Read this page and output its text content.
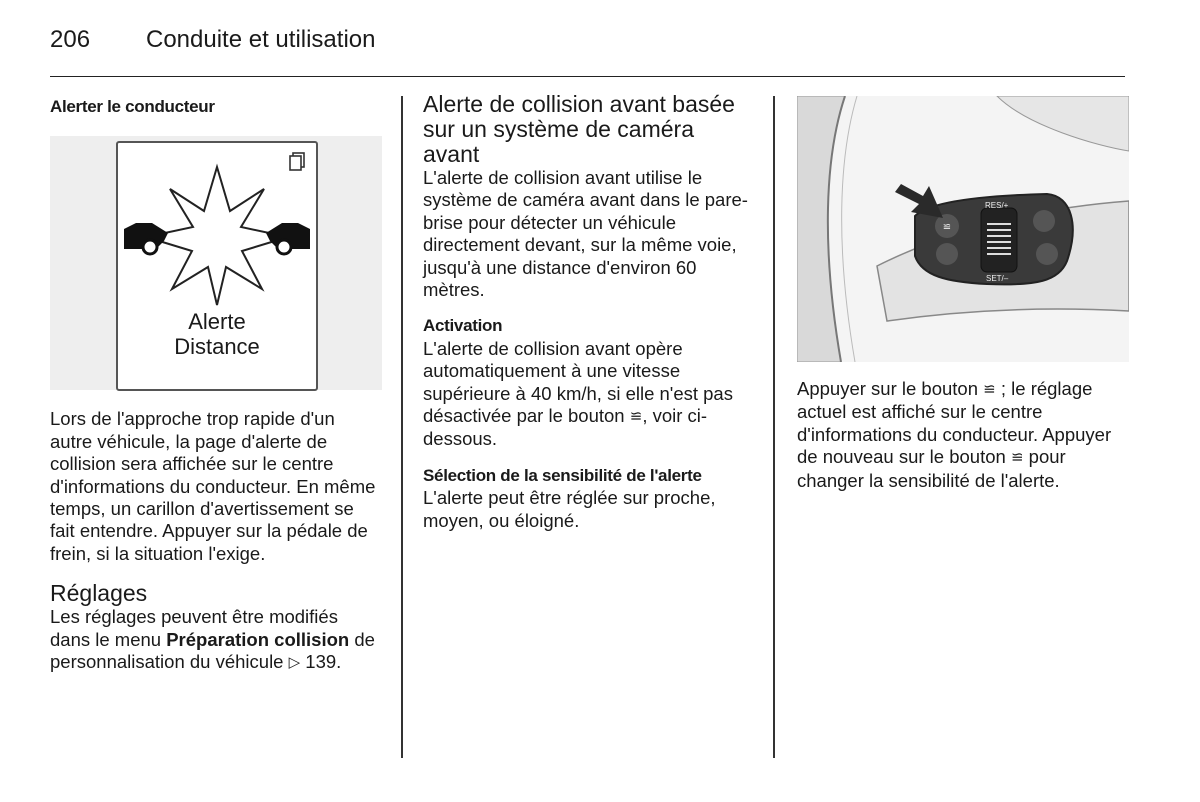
206 Conduite et utilisation
Alerter le conducteur
Alerte
Distance

Lors de l'approche trop rapide d'un autre véhicule, la page d'alerte de collision sera affichée sur le centre d'informations du conducteur. En même temps, un carillon d'avertissement se fait entendre. Appuyer sur la pédale de frein, si la situation l'exige.

Réglages

Les réglages peuvent être modifiés dans le menu Préparation collision de personnalisation du véhicule ▷ 139.

Alerte de collision avant basée sur un système de caméra avant

L'alerte de collision avant utilise le système de caméra avant dans le pare-brise pour détecter un véhicule directement devant, sur la même voie, jusqu'à une distance d'environ 60 mètres.

Activation

L'alerte de collision avant opère automatiquement à une vitesse supérieure à 40 km/h, si elle n'est pas désactivée par le bouton ≌, voir ci-dessous.

Sélection de la sensibilité de l'alerte

L'alerte peut être réglée sur proche, moyen, ou éloigné.

≌
RES/+
SET/–

Appuyer sur le bouton ≌ ; le réglage actuel est affiché sur le centre d'informations du conducteur. Appuyer de nouveau sur le bouton ≌ pour changer la sensibilité de l'alerte.
